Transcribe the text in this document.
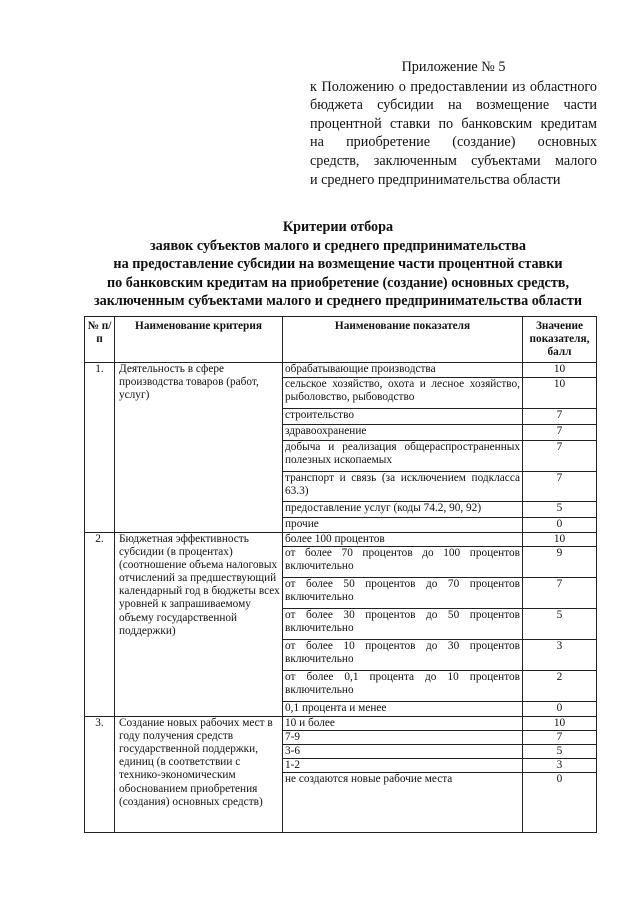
Приложение № 5
к Положению о предоставлении из областного
бюджета субсидии на возмещение части
процентной ставки по банковским кредитам
на приобретение (создание) основных
средств, заключенным субъектами малого
и среднего предпринимательства области
Критерии отбора
заявок субъектов малого и среднего предпринимательства
на предоставление субсидии на возмещение части процентной ставки
по банковским кредитам на приобретение (создание) основных средств,
заключенным субъектами малого и среднего предпринимательства области
№ п/п	Наименование критерия	Наименование показателя	Значение показателя, балл
1.	Деятельность в сфере производства товаров (работ, услуг)	обрабатывающие производства	10
		сельское хозяйство, охота и лесное хозяйство, рыболовство, рыбоводство	10
		строительство	7
		здравоохранение	7
		добыча и реализация общераспространенных полезных ископаемых	7
		транспорт и связь (за исключением подкласса 63.3)	7
		предоставление услуг (коды 74.2, 90, 92)	5
		прочие	0
2.	Бюджетная эффективность субсидии (в процентах) (соотношение объема налоговых отчислений за предшествующий календарный год в бюджеты всех уровней к запрашиваемому объему государственной поддержки)	более 100 процентов	10
		от более 70 процентов до 100 процентов включительно	9
		от более 50 процентов до 70 процентов включительно	7
		от более 30 процентов до 50 процентов включительно	5
		от более 10 процентов до 30 процентов включительно	3
		от более 0,1 процента до 10 процентов включительно	2
		0,1 процента и менее	0
3.	Создание новых рабочих мест в году получения средств государственной поддержки, единиц (в соответствии с технико-экономическим обоснованием приобретения (создания) основных средств)	10 и более	10
		7-9	7
		3-6	5
		1-2	3
		не создаются новые рабочие места	0
